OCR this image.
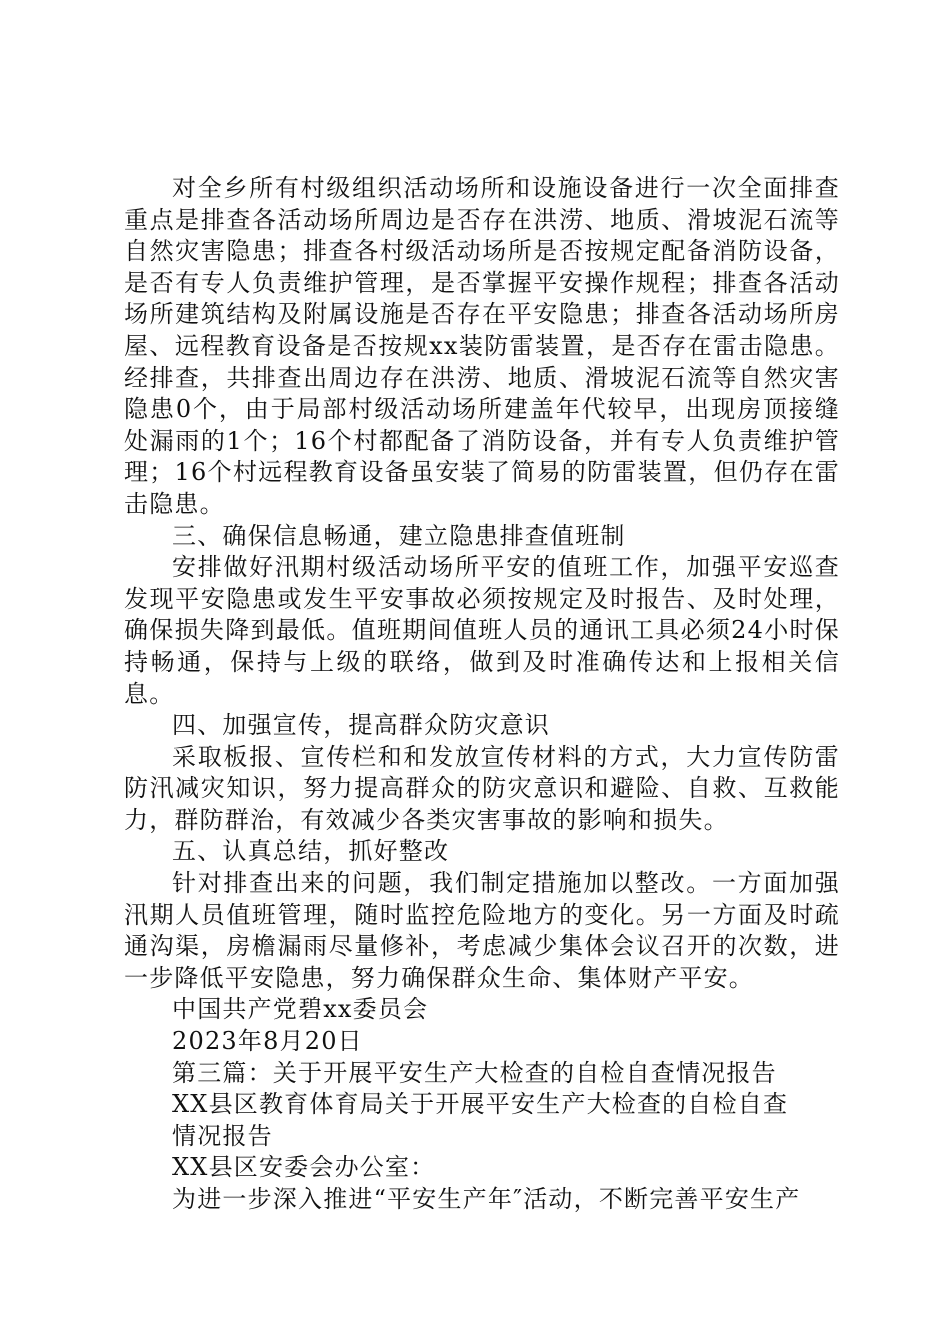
对全乡所有村级组织活动场所和设施设备进行一次全面排查重点是排查各活动场所周边是否存在洪涝、地质、滑坡泥石流等自然灾害隐患；排查各村级活动场所是否按规定配备消防设备，是否有专人负责维护管理，是否掌握平安操作规程；排查各活动场所建筑结构及附属设施是否存在平安隐患；排查各活动场所房屋、远程教育设备是否按规xx装防雷装置，是否存在雷击隐患。经排查，共排查出周边存在洪涝、地质、滑坡泥石流等自然灾害隐患0个，由于局部村级活动场所建盖年代较早，出现房顶接缝处漏雨的1个；16个村都配备了消防设备，并有专人负责维护管理；16个村远程教育设备虽安装了简易的防雷装置，但仍存在雷击隐患。

三、确保信息畅通，建立隐患排查值班制

安排做好汛期村级活动场所平安的值班工作，加强平安巡查发现平安隐患或发生平安事故必须按规定及时报告、及时处理，确保损失降到最低。值班期间值班人员的通讯工具必须24小时保持畅通，保持与上级的联络，做到及时准确传达和上报相关信息。

四、加强宣传，提高群众防灾意识

采取板报、宣传栏和和发放宣传材料的方式，大力宣传防雷防汛减灾知识，努力提高群众的防灾意识和避险、自救、互救能力，群防群治，有效减少各类灾害事故的影响和损失。

五、认真总结，抓好整改

针对排查出来的问题，我们制定措施加以整改。一方面加强汛期人员值班管理，随时监控危险地方的变化。另一方面及时疏通沟渠，房檐漏雨尽量修补，考虑减少集体会议召开的次数，进一步降低平安隐患，努力确保群众生命、集体财产平安。

中国共产党碧xx委员会

2023年8月20日

第三篇：关于开展平安生产大检查的自检自查情况报告

XX县区教育体育局关于开展平安生产大检查的自检自查

情况报告

XX县区安委会办公室：

为进一步深入推进“平安生产年″活动，不断完善平安生产
